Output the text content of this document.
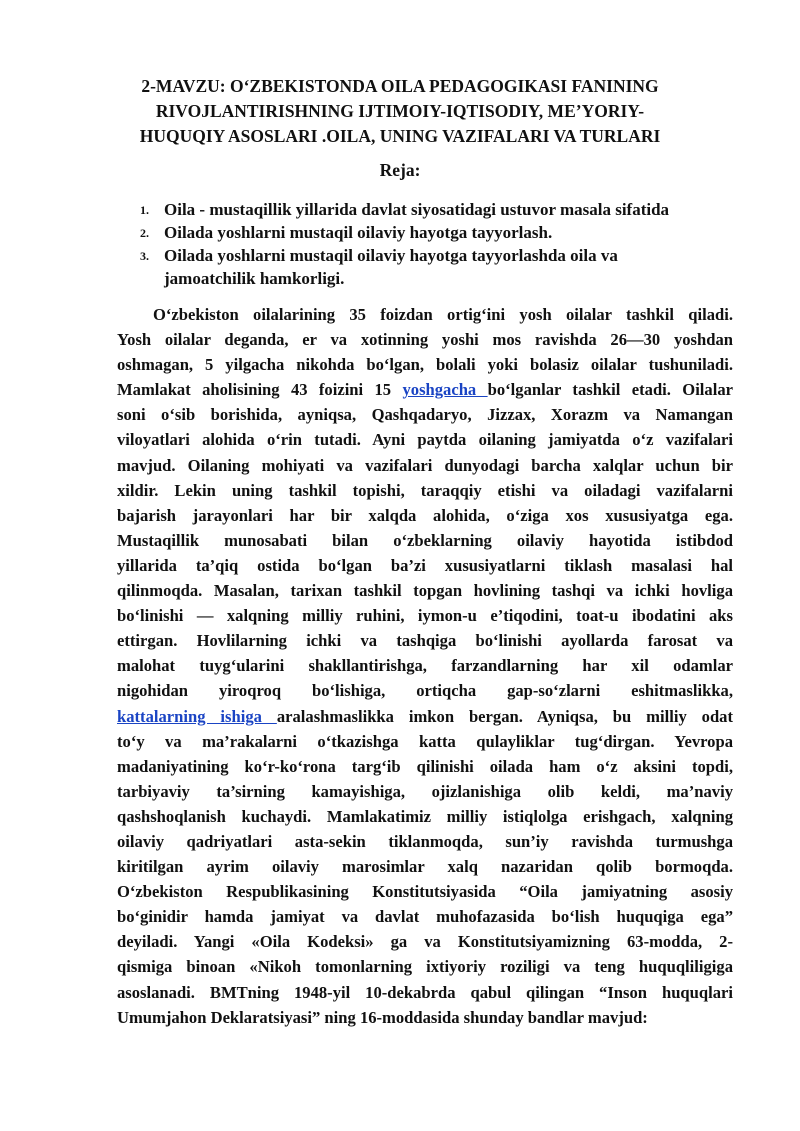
2-MAVZU: O‘ZBEKISTONDA OILA PEDAGOGIKASI FANINING
RIVOJLANTIRISHNING IJTIMOIY-IQTISODIY, ME’YORIY-
HUQUQIY ASOSLARI .OILA, UNING VAZIFALARI VA TURLARI
Reja:
1. Oila - mustaqillik yillarida davlat siyosatidagi ustuvor masala sifatida
2. Oilada yoshlarni mustaqil oilaviy hayotga tayyorlash.
3. Oilada yoshlarni mustaqil oilaviy hayotga tayyorlashda oila va
jamoatchilik hamkorligi.
O‘zbekiston oilalarining 35 foizdan ortig‘ini yosh oilalar tashkil qiladi.
Yosh oilalar deganda, er va xotinning yoshi mos ravishda 26—30 yoshdan
oshmagan, 5 yilgacha nikohda bo‘lgan, bolali yoki bolasiz oilalar tushuniladi.
Mamlakat aholisining 43 foizini 15 yoshgacha bo‘lganlar tashkil etadi. Oilalar
soni o‘sib borishida, ayniqsa, Qashqadaryo, Jizzax, Xorazm va Namangan
viloyatlari alohida o‘rin tutadi. Ayni paytda oilaning jamiyatda o‘z vazifalari
mavjud. Oilaning mohiyati va vazifalari dunyodagi barcha xalqlar uchun bir
xildir. Lekin uning tashkil topishi, taraqqiy etishi va oiladagi vazifalarni
bajarish jarayonlari har bir xalqda alohida, o‘ziga xos xususiyatga ega.
Mustaqillik munosabati bilan o‘zbeklarning oilaviy hayotida istibdod
yillarida ta’qiq ostida bo‘lgan ba’zi xususiyatlarni tiklash masalasi hal
qilinmoqda. Masalan, tarixan tashkil topgan hovlining tashqi va ichki hovliga
bo‘linishi — xalqning milliy ruhini, iymon-u e’tiqodini, toat-u ibodatini aks
ettirgan. Hovlilarning ichki va tashqiga bo‘linishi ayollarda farosat va
malohat tuyg‘ularini shakllantirishga, farzandlarning har xil odamlar
nigohidan yiroqroq bo‘lishiga, ortiqcha gap-so‘zlarni eshitmaslikka,
kattalarning ishiga aralashmaslikka imkon bergan. Ayniqsa, bu milliy odat
to‘y va ma’rakalarni o‘tkazishga katta qulayliklar tug‘dirgan. Yevropa
madaniyatining ko‘r-ko‘rona targ‘ib qilinishi oilada ham o‘z aksini topdi,
tarbiyaviy ta’sirning kamayishiga, ojizlanishiga olib keldi, ma’naviy
qashshoqlanish kuchaydi. Mamlakatimiz milliy istiqlolga erishgach, xalqning
oilaviy qadriyatlari asta-sekin tiklanmoqda, sun’iy ravishda turmushga
kiritilgan ayrim oilaviy marosimlar xalq nazaridan qolib bormoqda.
O‘zbekiston Respublikasining Konstitutsiyasida “Oila jamiyatning asosiy
bo‘ginidir hamda jamiyat va davlat muhofazasida bo‘lish huquqiga ega”
deyiladi. Yangi «Oila Kodeksi» ga va Konstitutsiyamizning 63-modda, 2-
qismiga binoan «Nikoh tomonlarning ixtiyoriy roziligi va teng huquqliligiga
asoslanadi. BMTning 1948-yil 10-dekabrda qabul qilingan “Inson huquqlari
Umumjahon Deklaratsiyasi” ning 16-moddasida shunday bandlar mavjud:
